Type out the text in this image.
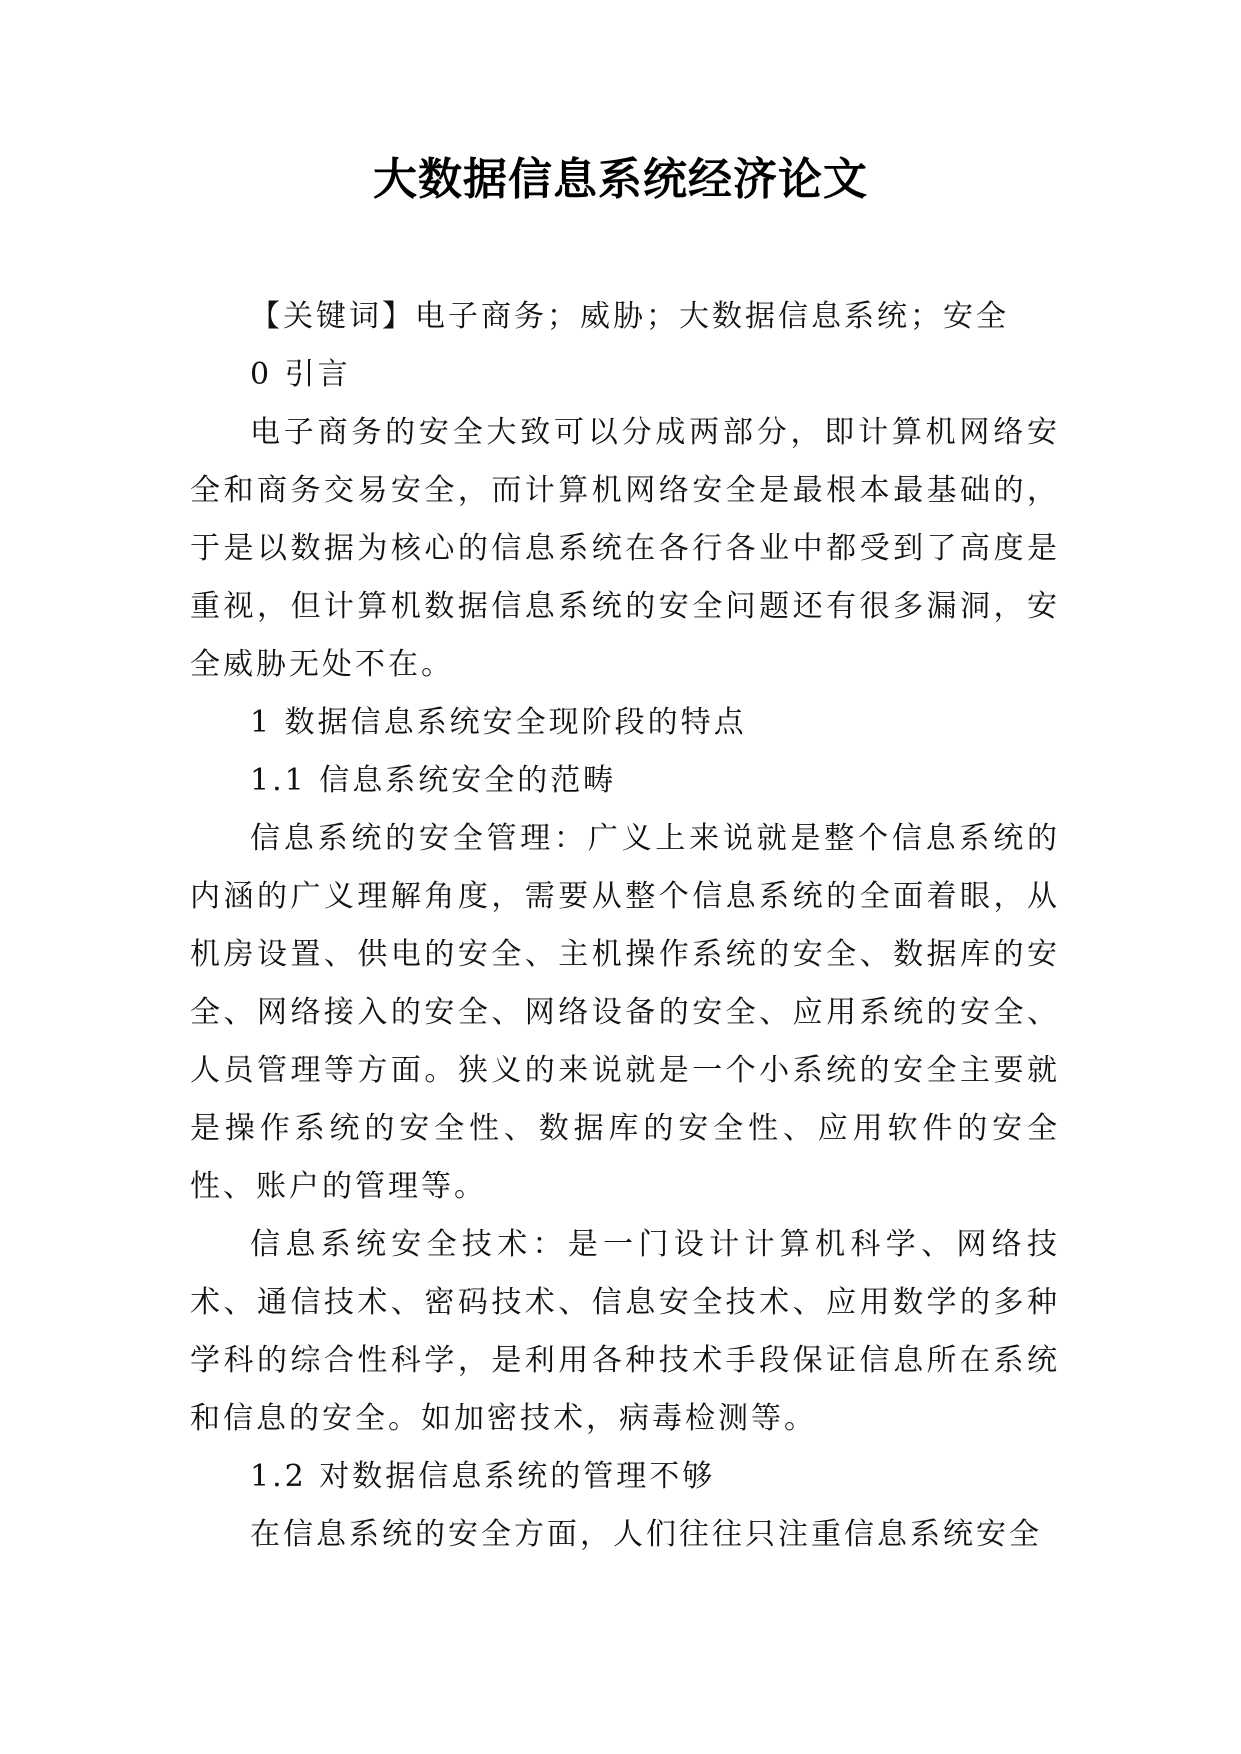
大数据信息系统经济论文

【关键词】电子商务；威胁；大数据信息系统；安全

0 引言

电子商务的安全大致可以分成两部分，即计算机网络安全和商务交易安全，而计算机网络安全是最根本最基础的，于是以数据为核心的信息系统在各行各业中都受到了高度是重视，但计算机数据信息系统的安全问题还有很多漏洞，安全威胁无处不在。

1 数据信息系统安全现阶段的特点

1.1 信息系统安全的范畴

信息系统的安全管理：广义上来说就是整个信息系统的内涵的广义理解角度，需要从整个信息系统的全面着眼，从机房设置、供电的安全、主机操作系统的安全、数据库的安全、网络接入的安全、网络设备的安全、应用系统的安全、人员管理等方面。狭义的来说就是一个小系统的安全主要就是操作系统的安全性、数据库的安全性、应用软件的安全性、账户的管理等。

信息系统安全技术：是一门设计计算机科学、网络技术、通信技术、密码技术、信息安全技术、应用数学的多种学科的综合性科学，是利用各种技术手段保证信息所在系统和信息的安全。如加密技术，病毒检测等。

1.2 对数据信息系统的管理不够

在信息系统的安全方面，人们往往只注重信息系统安全
